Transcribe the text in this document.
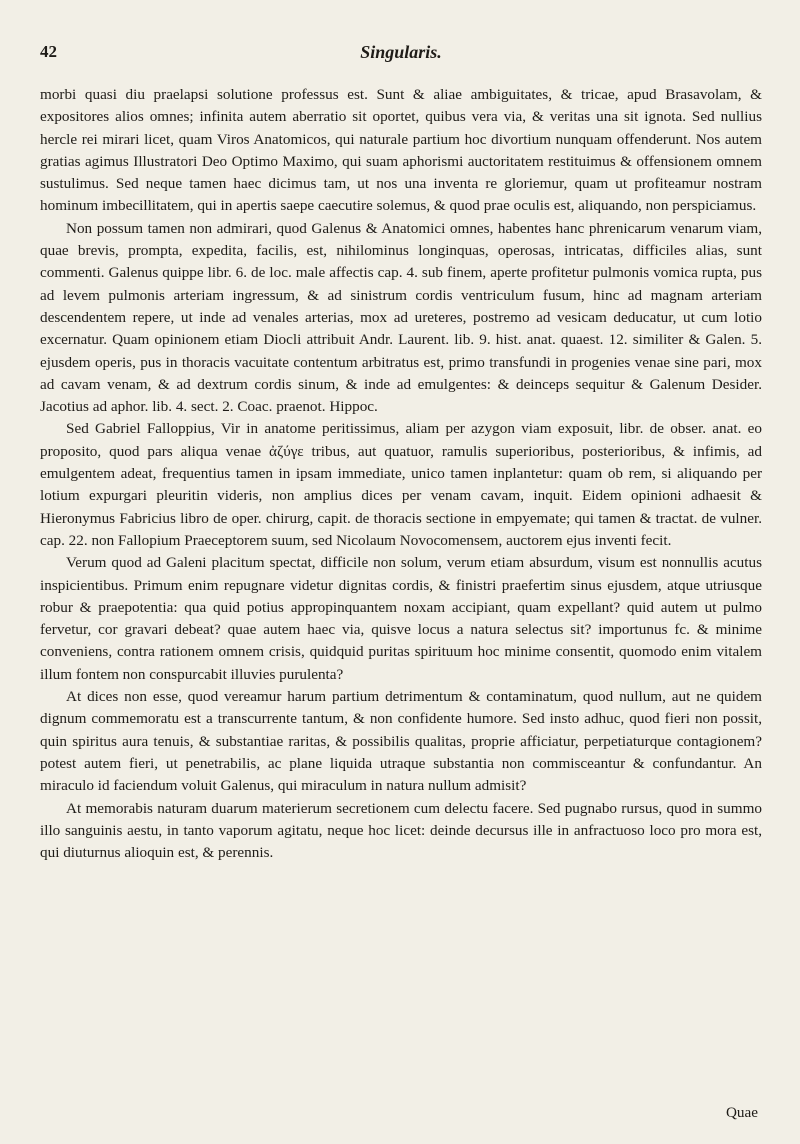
42	Singularis.

morbi quasi diu praelapsi solutione professus est. Sunt & aliae ambiguitates, & tricae, apud Brasavolam, & expositores alios omnes; infinita autem aberratio sit oportet, quibus vera via, & veritas una sit ignota. Sed nullius hercle rei mirari licet, quam Viros Anatomicos, qui naturale partium hoc divortium nunquam offenderunt. Nos autem gratias agimus Illustratori Deo Optimo Maximo, qui suam aphorismi auctoritatem restituimus & offensionem omnem sustulimus. Sed neque tamen haec dicimus tam, ut nos una inventa re gloriemur, quam ut profiteamur nostram hominum imbecillitatem, qui in apertis saepe caecutire solemus, & quod prae oculis est, aliquando, non perspiciamus.

Non possum tamen non admirari, quod Galenus & Anatomici omnes, habentes hanc phrenicarum venarum viam, quae brevis, prompta, expedita, facilis, est, nihilominus longinquas, operosas, intricatas, difficiles alias, sunt commenti. Galenus quippe libr. 6. de loc. male affectis cap. 4. sub finem, aperte profitetur pulmonis vomica rupta, pus ad levem pulmonis arteriam ingressum, & ad sinistrum cordis ventriculum fusum, hinc ad magnam arteriam descendentem repere, ut inde ad venales arterias, mox ad ureteres, postremo ad vesicam deducatur, ut cum lotio excernatur. Quam opinionem etiam Diocli attribuit Andr. Laurent. lib. 9. hist. anat. quaest. 12. similiter & Galen. 5. ejusdem operis, pus in thoracis vacuitate contentum arbitratus est, primo transfundi in progenies venae sine pari, mox ad cavam venam, & ad dextrum cordis sinum, & inde ad emulgentes: & deinceps sequitur & Galenum Desider. Jacotius ad aphor. lib. 4. sect. 2. Coac. praenot. Hippoc.

Sed Gabriel Falloppius, Vir in anatome peritissimus, aliam per azygon viam exposuit, libr. de obser. anat. eo proposito, quod pars aliqua venae ἀζύγε tribus, aut quatuor, ramulis superioribus, posterioribus, & infimis, ad emulgentem adeat, frequentius tamen in ipsam immediate, unico tamen inplantetur: quam ob rem, si aliquando per lotium expurgari pleuritin videris, non amplius dices per venam cavam, inquit. Eidem opinioni adhaesit & Hieronymus Fabricius libro de oper. chirurg, capit. de thoracis sectione in empyemate; qui tamen & tractat. de vulner. cap. 22. non Fallopium Praeceptorem suum, sed Nicolaum Novocomensem, auctorem ejus inventi fecit.

Verum quod ad Galeni placitum spectat, difficile non solum, verum etiam absurdum, visum est nonnullis acutus inspicientibus. Primum enim repugnare videtur dignitas cordis, & finistri praefertim sinus ejusdem, atque utriusque robur & praepotentia: qua quid potius appropinquantem noxam accipiant, quam expellant? quid autem ut pulmo fervetur, cor gravari debeat? quae autem haec via, quisve locus a natura selectus sit? importunus fc. & minime conveniens, contra rationem omnem crisis, quidquid puritas spirituum hoc minime consentit, quomodo enim vitalem illum fontem non conspurcabit illuvies purulenta?

At dices non esse, quod vereamur harum partium detrimentum & contaminatum, quod nullum, aut ne quidem dignum commemoratu est a transcurrente tantum, & non confidente humore. Sed insto adhuc, quod fieri non possit, quin spiritus aura tenuis, & substantiae raritas, & possibilis qualitas, proprie afficiatur, perpetiaturque contagionem? potest autem fieri, ut penetrabilis, ac plane liquida utraque substantia non commisceantur & confundantur. An miraculo id faciendum voluit Galenus, qui miraculum in natura nullum admisit?

At memorabis naturam duarum materierum secretionem cum delectu facere. Sed pugnabo rursus, quod in summo illo sanguinis aestu, in tanto vaporum agitatu, neque hoc licet: deinde decursus ille in anfractuoso loco pro mora est, qui diuturnus alioquin est, & perennis.

Quae
